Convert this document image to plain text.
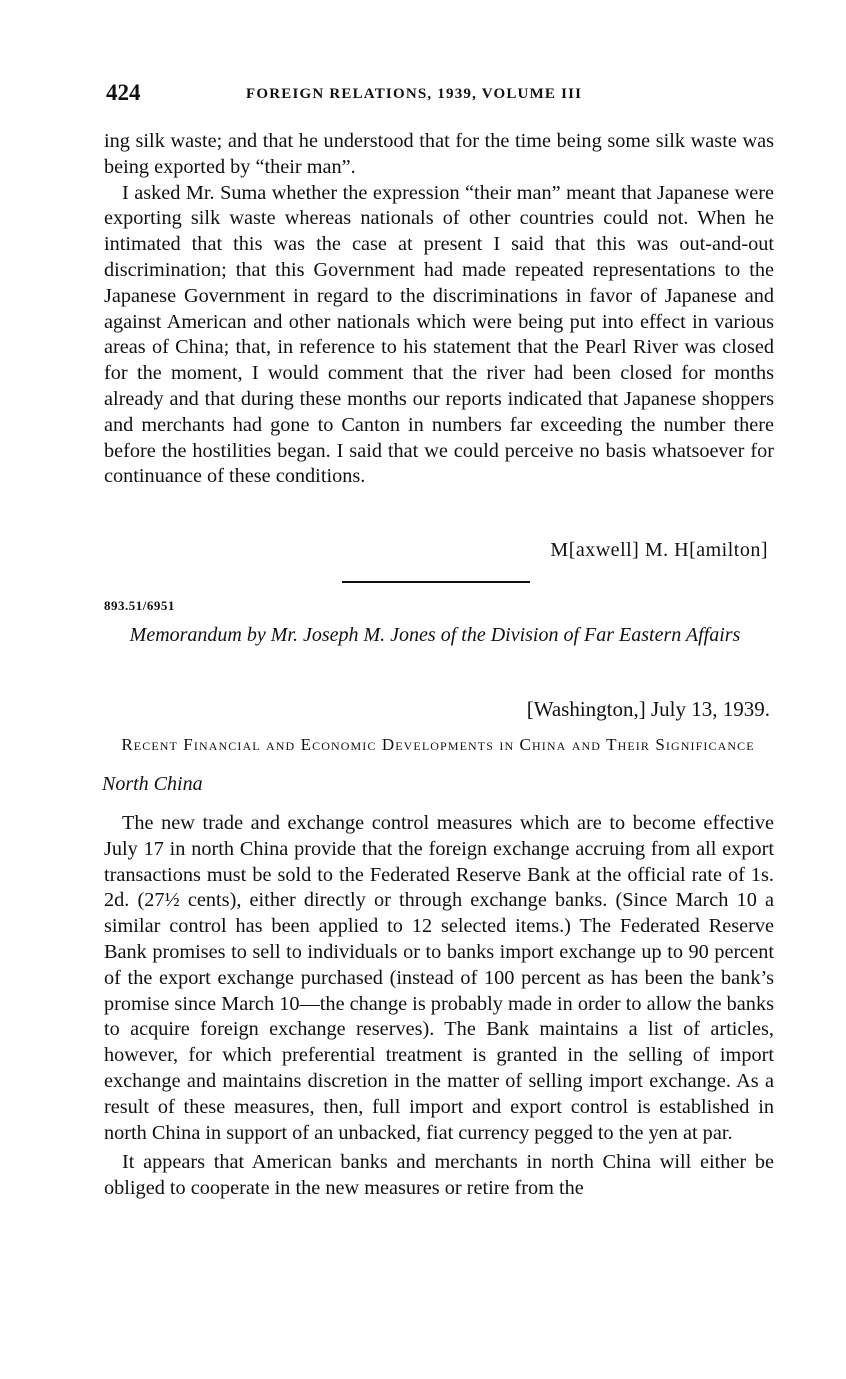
424	FOREIGN RELATIONS, 1939, VOLUME III

ing silk waste; and that he understood that for the time being some silk waste was being exported by “their man”.

I asked Mr. Suma whether the expression “their man” meant that Japanese were exporting silk waste whereas nationals of other countries could not. When he intimated that this was the case at present I said that this was out-and-out discrimination; that this Government had made repeated representations to the Japanese Government in regard to the discriminations in favor of Japanese and against American and other nationals which were being put into effect in various areas of China; that, in reference to his statement that the Pearl River was closed for the moment, I would comment that the river had been closed for months already and that during these months our reports indicated that Japanese shoppers and merchants had gone to Canton in numbers far exceeding the number there before the hostilities began. I said that we could perceive no basis whatsoever for continuance of these conditions.

M[axwell] M. H[amilton]
893.51/6951
Memorandum by Mr. Joseph M. Jones of the Division of Far Eastern Affairs
[Washington,] July 13, 1939.
Recent Financial and Economic Developments in China and Their Significance
North China

The new trade and exchange control measures which are to become effective July 17 in north China provide that the foreign exchange accruing from all export transactions must be sold to the Federated Reserve Bank at the official rate of 1s. 2d. (27½ cents), either directly or through exchange banks. (Since March 10 a similar control has been applied to 12 selected items.) The Federated Reserve Bank promises to sell to individuals or to banks import exchange up to 90 percent of the export exchange purchased (instead of 100 percent as has been the bank’s promise since March 10—the change is probably made in order to allow the banks to acquire foreign exchange reserves). The Bank maintains a list of articles, however, for which preferential treatment is granted in the selling of import exchange and maintains discretion in the matter of selling import exchange. As a result of these measures, then, full import and export control is established in north China in support of an unbacked, fiat currency pegged to the yen at par.

It appears that American banks and merchants in north China will either be obliged to cooperate in the new measures or retire from the
